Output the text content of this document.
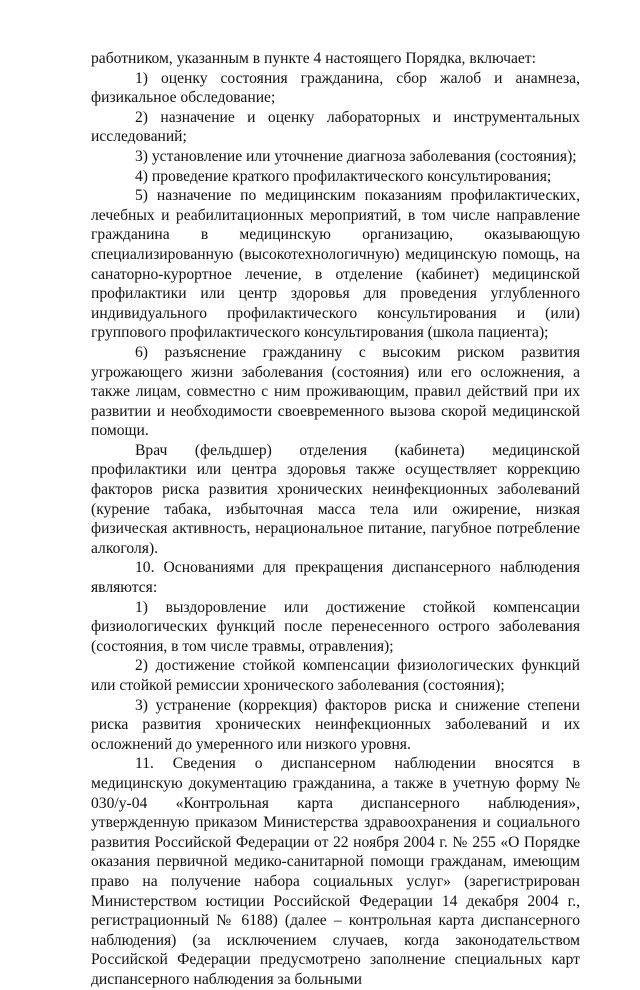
работником, указанным в пункте 4 настоящего Порядка, включает:

1) оценку состояния гражданина, сбор жалоб и анамнеза, физикальное обследование;

2) назначение и оценку лабораторных и инструментальных исследований;

3) установление или уточнение диагноза заболевания (состояния);

4) проведение краткого профилактического консультирования;

5) назначение по медицинским показаниям профилактических, лечебных и реабилитационных мероприятий, в том числе направление гражданина в медицинскую организацию, оказывающую специализированную (высокотехнологичную) медицинскую помощь, на санаторно-курортное лечение, в отделение (кабинет) медицинской профилактики или центр здоровья для проведения углубленного индивидуального профилактического консультирования и (или) группового профилактического консультирования (школа пациента);

6) разъяснение гражданину с высоким риском развития угрожающего жизни заболевания (состояния) или его осложнения, а также лицам, совместно с ним проживающим, правил действий при их развитии и необходимости своевременного вызова скорой медицинской помощи.

Врач (фельдшер) отделения (кабинета) медицинской профилактики или центра здоровья также осуществляет коррекцию факторов риска развития хронических неинфекционных заболеваний (курение табака, избыточная масса тела или ожирение, низкая физическая активность, нерациональное питание, пагубное потребление алкоголя).

10. Основаниями для прекращения диспансерного наблюдения являются:

1) выздоровление или достижение стойкой компенсации физиологических функций после перенесенного острого заболевания (состояния, в том числе травмы, отравления);

2) достижение стойкой компенсации физиологических функций или стойкой ремиссии хронического заболевания (состояния);

3) устранение (коррекция) факторов риска и снижение степени риска развития хронических неинфекционных заболеваний и их осложнений до умеренного или низкого уровня.

11. Сведения о диспансерном наблюдении вносятся в медицинскую документацию гражданина, а также в учетную форму № 030/у-04 «Контрольная карта диспансерного наблюдения», утвержденную приказом Министерства здравоохранения и социального развития Российской Федерации от 22 ноября 2004 г. № 255 «О Порядке оказания первичной медико-санитарной помощи гражданам, имеющим право на получение набора социальных услуг» (зарегистрирован Министерством юстиции Российской Федерации 14 декабря 2004 г., регистрационный № 6188) (далее – контрольная карта диспансерного наблюдения) (за исключением случаев, когда законодательством Российской Федерации предусмотрено заполнение специальных карт диспансерного наблюдения за больными
